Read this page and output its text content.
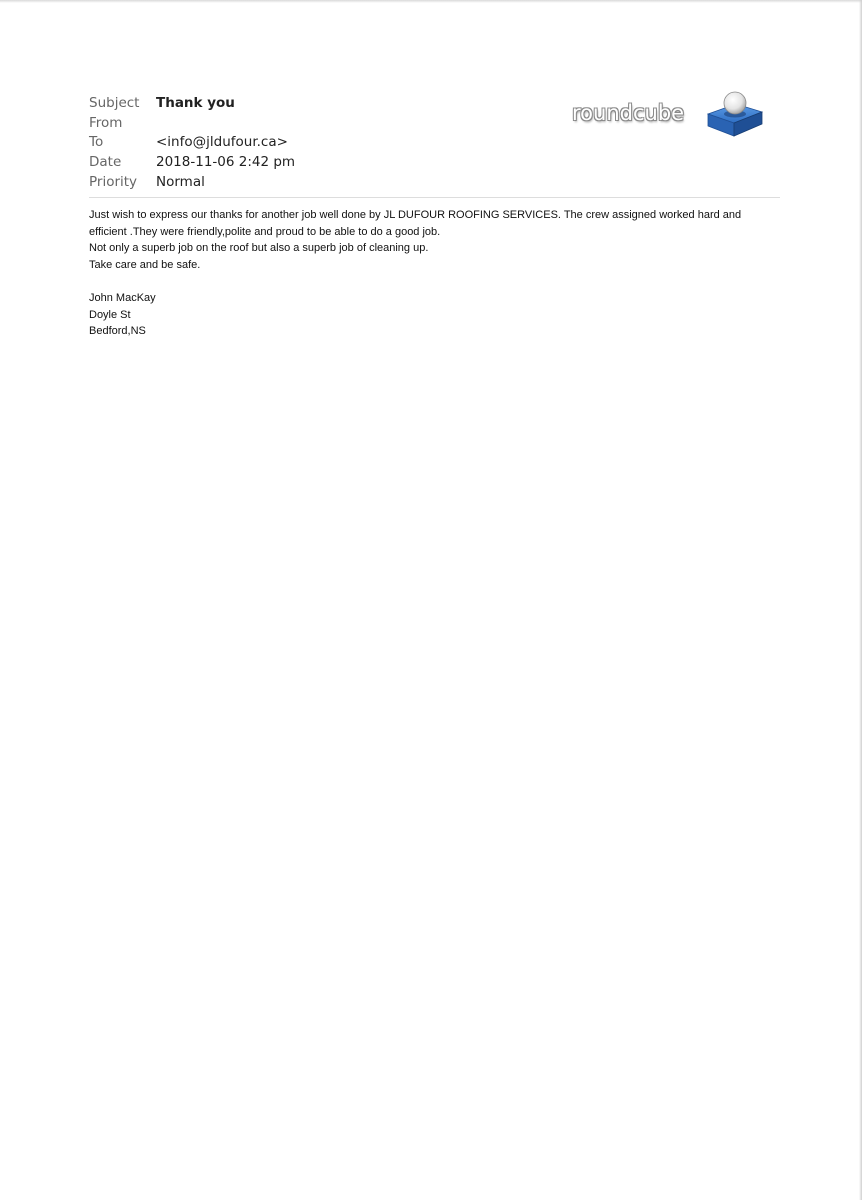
Subject	Thank you
From	
To	<info@jldufour.ca>
Date	2018-11-06 2:42 pm
Priority	Normal
roundcube

Just wish to express our thanks for another job well done by JL DUFOUR ROOFING SERVICES. The crew assigned worked hard and

efficient .They were friendly,polite and proud to be able to do a good job.

Not only a superb job on the roof but also a superb job of cleaning up.

Take care and be safe.

John MacKay

Doyle St

Bedford,NS
